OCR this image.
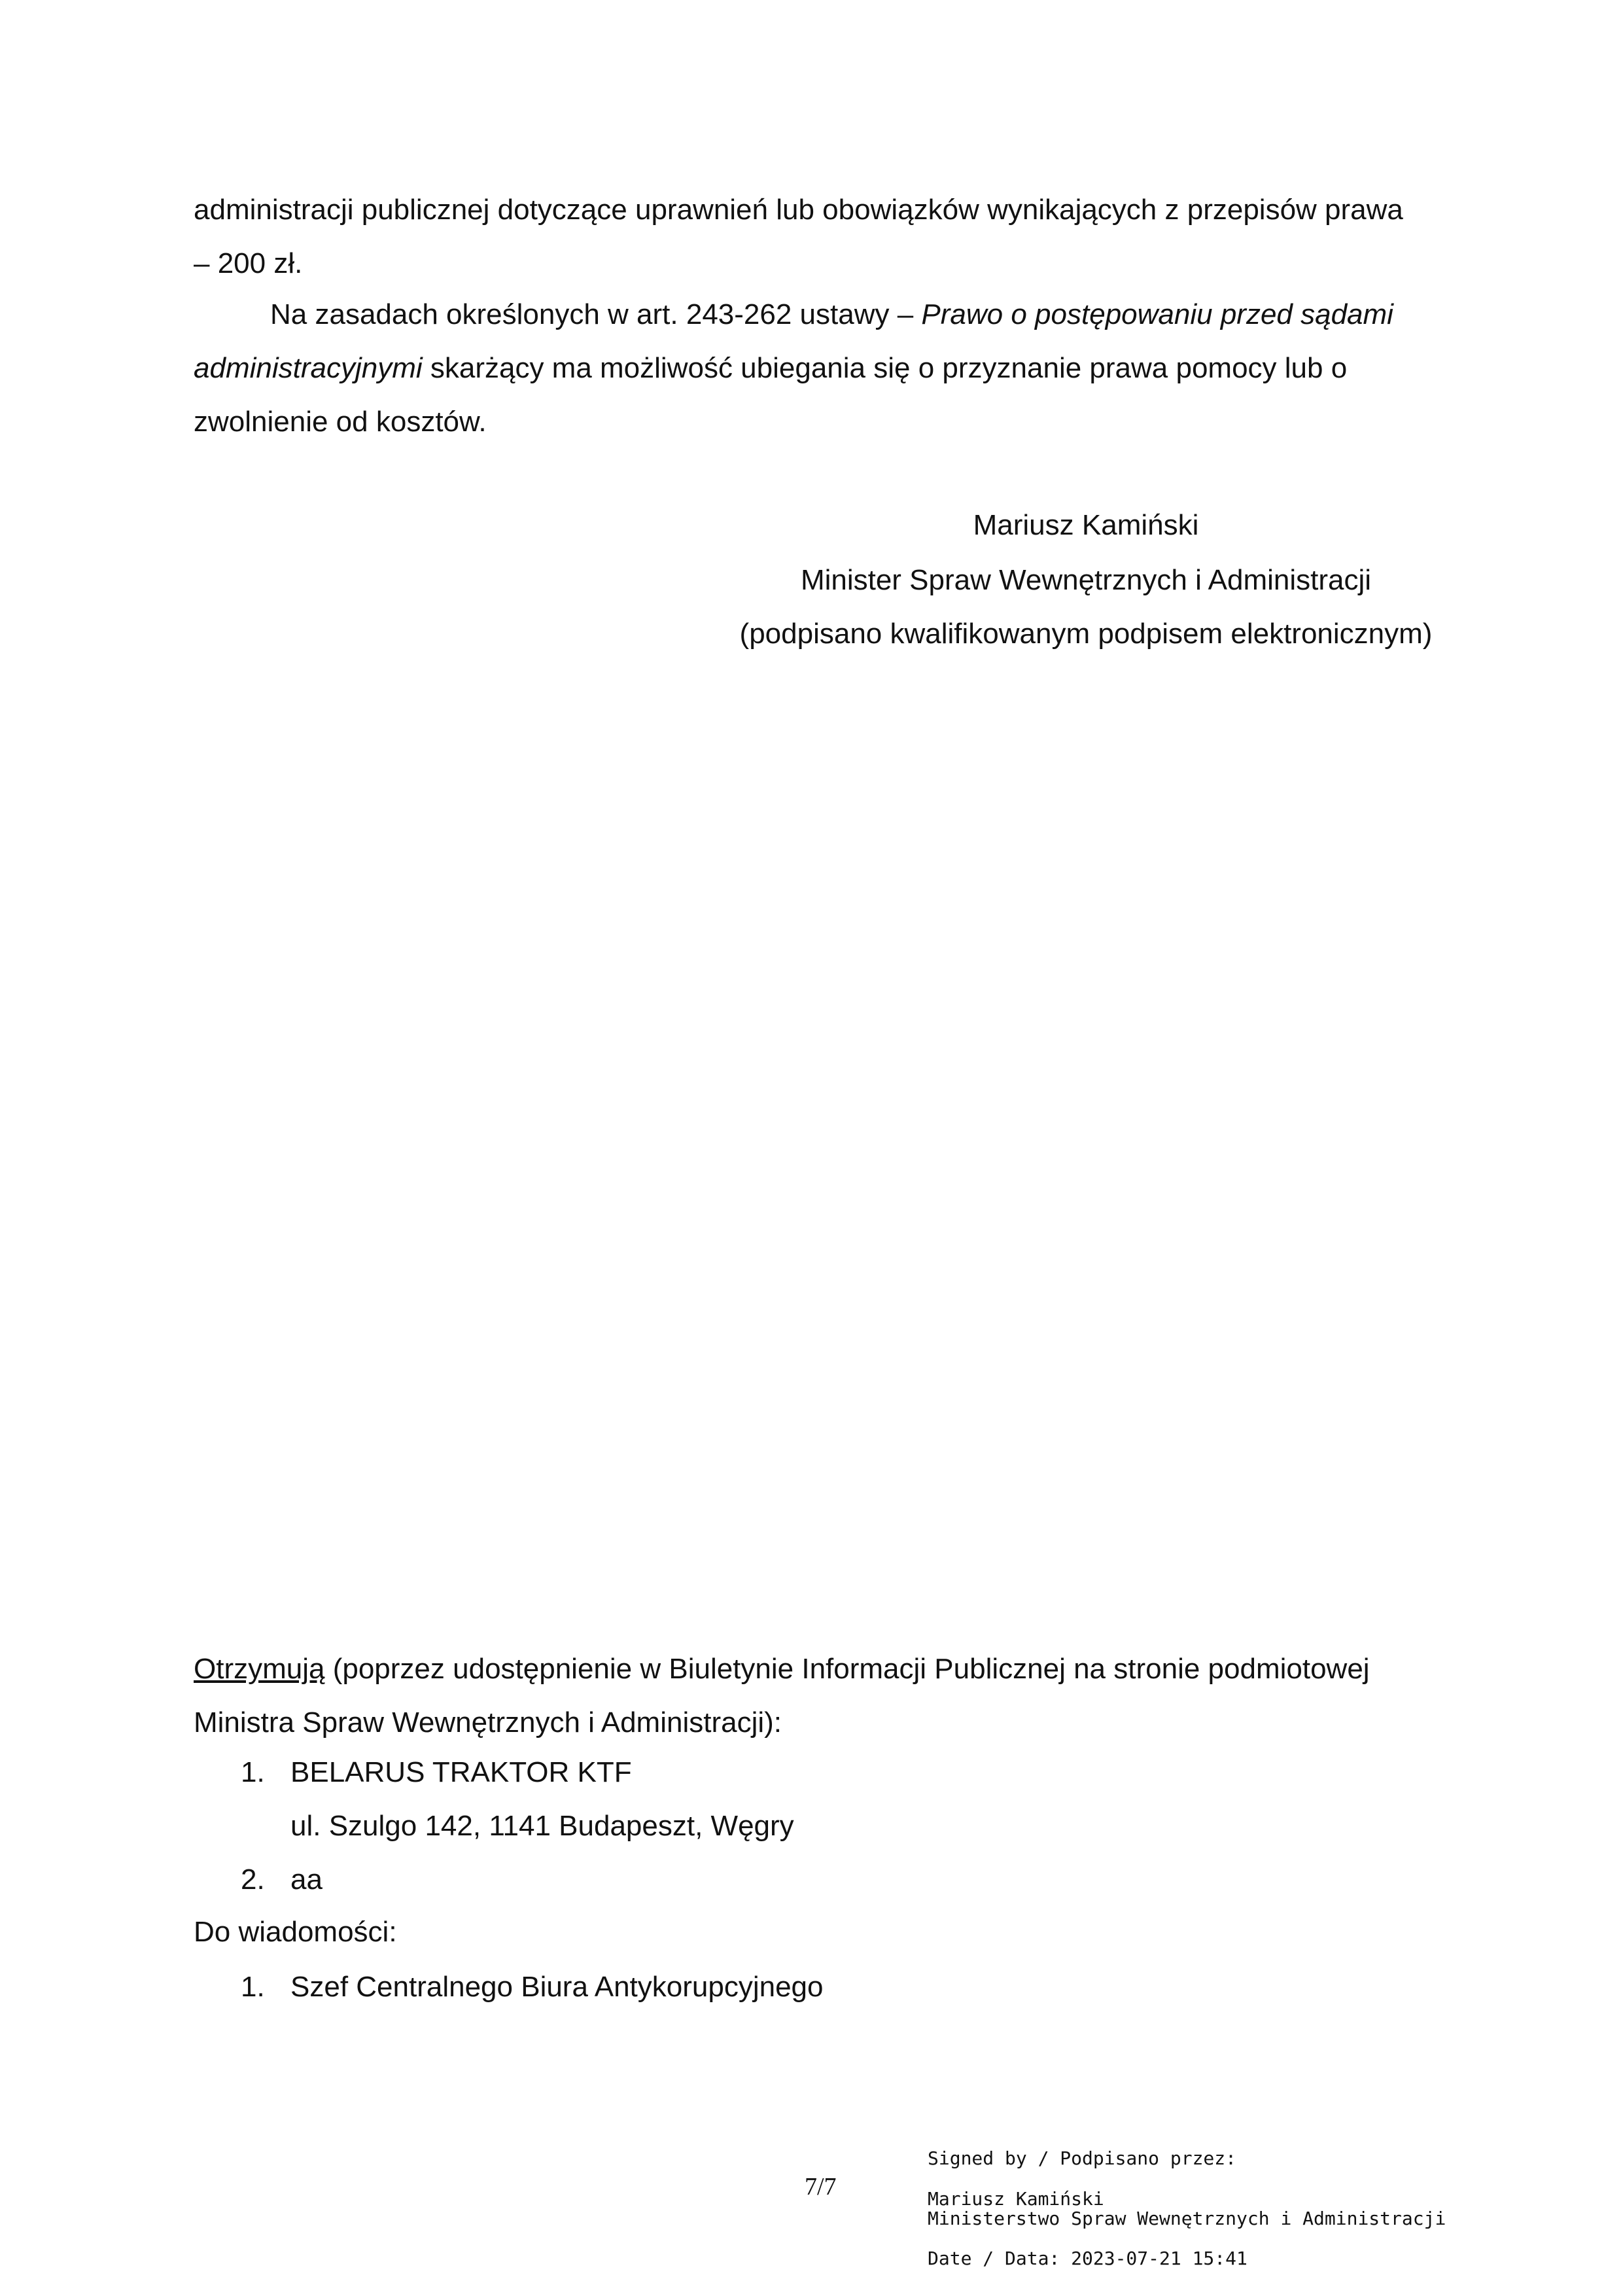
administracji publicznej dotyczące uprawnień lub obowiązków wynikających z przepisów prawa
– 200 zł.
Na zasadach określonych w art. 243-262 ustawy – Prawo o postępowaniu przed sądami
administracyjnymi skarżący ma możliwość ubiegania się o przyznanie prawa pomocy lub o
zwolnienie od kosztów.
Mariusz Kamiński
Minister Spraw Wewnętrznych i Administracji
(podpisano kwalifikowanym podpisem elektronicznym)
Otrzymują (poprzez udostępnienie w Biuletynie Informacji Publicznej na stronie podmiotowej
Ministra Spraw Wewnętrznych i Administracji):
1. BELARUS TRAKTOR KTF
ul. Szulgo 142, 1141 Budapeszt, Węgry
2. aa
Do wiadomości:
1. Szef Centralnego Biura Antykorupcyjnego
7/7
Signed by / Podpisano przez:
Mariusz Kamiński
Ministerstwo Spraw Wewnętrznych i Administracji
Date / Data: 2023-07-21 15:41
